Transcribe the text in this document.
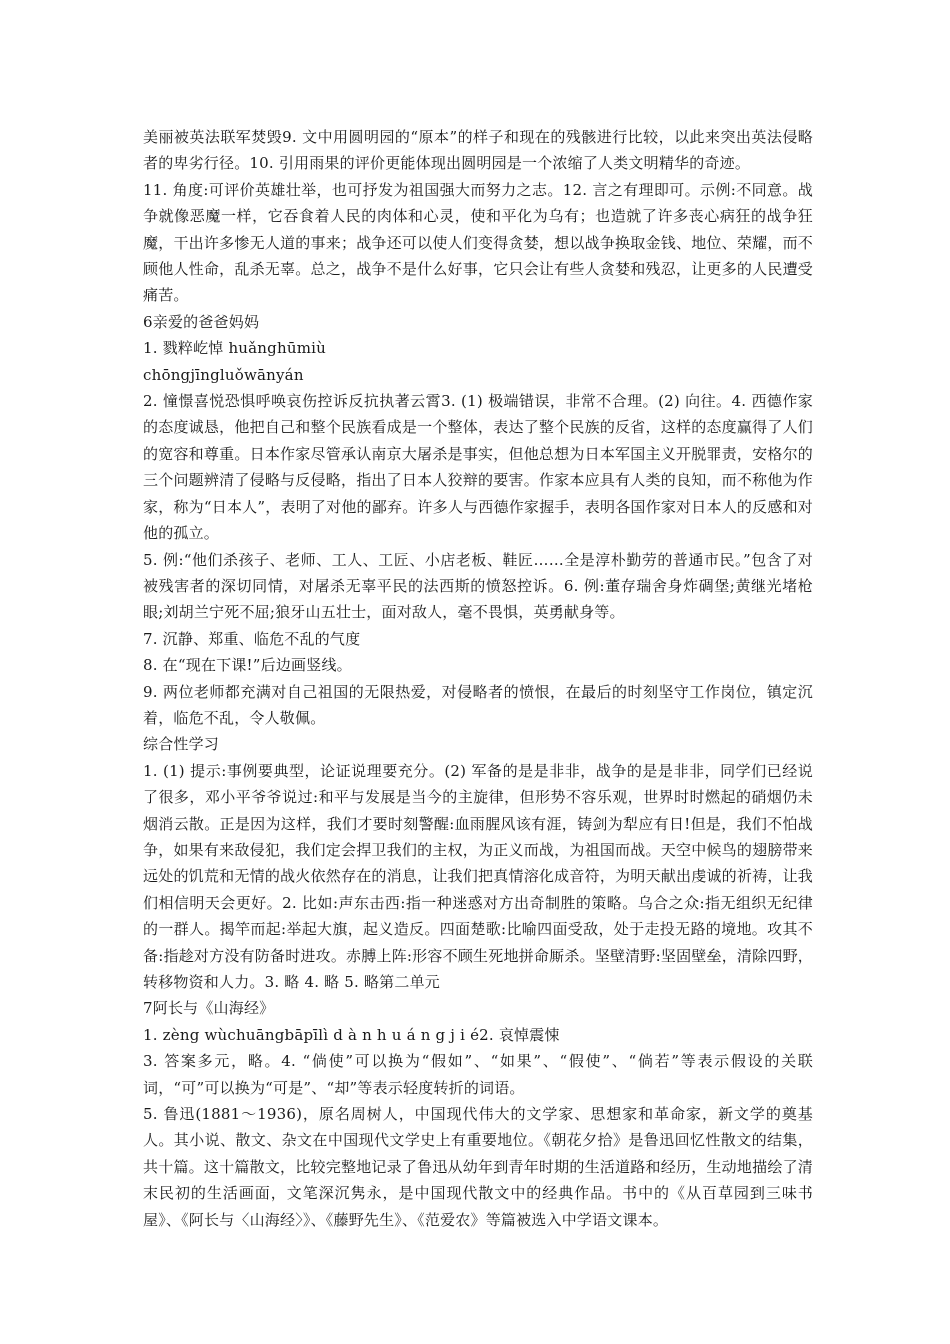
美丽被英法联军焚毁9. 文中用圆明园的“原本”的样子和现在的残骸进行比较，以此来突出英法侵略者的卑劣行径。10. 引用雨果的评价更能体现出圆明园是一个浓缩了人类文明精华的奇迹。

11. 角度:可评价英雄壮举，也可抒发为祖国强大而努力之志。12. 言之有理即可。示例:不同意。战争就像恶魔一样，它吞食着人民的肉体和心灵，使和平化为乌有；也造就了许多丧心病狂的战争狂魔，干出许多惨无人道的事来；战争还可以使人们变得贪婪，想以战争换取金钱、地位、荣耀，而不顾他人性命，乱杀无辜。总之，战争不是什么好事，它只会让有些人贪婪和残忍，让更多的人民遭受痛苦。

6亲爱的爸爸妈妈

1. 戮粹屹悼 huǎnghūmiù

chōngjīngluǒwānyán

2. 憧憬喜悦恐惧呼唤哀伤控诉反抗执著云霄3. (1) 极端错误，非常不合理。(2) 向往。4. 西德作家的态度诚恳，他把自己和整个民族看成是一个整体，表达了整个民族的反省，这样的态度赢得了人们的宽容和尊重。日本作家尽管承认南京大屠杀是事实，但他总想为日本军国主义开脱罪责，安格尔的三个问题辨清了侵略与反侵略，指出了日本人狡辩的要害。作家本应具有人类的良知，而不称他为作家，称为“日本人”，表明了对他的鄙弃。许多人与西德作家握手，表明各国作家对日本人的反感和对他的孤立。

5. 例:“他们杀孩子、老师、工人、工匠、小店老板、鞋匠……全是淳朴勤劳的普通市民。”包含了对被残害者的深切同情，对屠杀无辜平民的法西斯的愤怒控诉。6. 例:董存瑞舍身炸碉堡;黄继光堵枪眼;刘胡兰宁死不屈;狼牙山五壮士，面对敌人，毫不畏惧，英勇献身等。

7. 沉静、郑重、临危不乱的气度

8. 在“现在下课!”后边画竖线。

9. 两位老师都充满对自己祖国的无限热爱，对侵略者的愤恨，在最后的时刻坚守工作岗位，镇定沉着，临危不乱，令人敬佩。

综合性学习

1. (1) 提示:事例要典型，论证说理要充分。(2) 军备的是是非非，战争的是是非非，同学们已经说了很多，邓小平爷爷说过:和平与发展是当今的主旋律，但形势不容乐观，世界时时燃起的硝烟仍未烟消云散。正是因为这样，我们才要时刻警醒:血雨腥风该有涯，铸剑为犁应有日!但是，我们不怕战争，如果有来敌侵犯，我们定会捍卫我们的主权，为正义而战，为祖国而战。天空中候鸟的翅膀带来远处的饥荒和无情的战火依然存在的消息，让我们把真情溶化成音符，为明天献出虔诚的祈祷，让我们相信明天会更好。2. 比如:声东击西:指一种迷惑对方出奇制胜的策略。乌合之众:指无组织无纪律的一群人。揭竿而起:举起大旗，起义造反。四面楚歌:比喻四面受敌，处于走投无路的境地。攻其不备:指趁对方没有防备时进攻。赤膊上阵:形容不顾生死地拼命厮杀。坚壁清野:坚固壁垒，清除四野，转移物资和人力。3. 略 4. 略 5. 略第二单元

7阿长与《山海经》

1. zèng wùchuāngbāpīlì d à n h u á n g j i é2. 哀悼震悚

3. 答案多元，略。4. “倘使”可以换为“假如”、“如果”、“假使”、“倘若”等表示假设的关联词，“可”可以换为“可是”、“却”等表示轻度转折的词语。

5. 鲁迅(1881～1936)，原名周树人，中国现代伟大的文学家、思想家和革命家，新文学的奠基人。其小说、散文、杂文在中国现代文学史上有重要地位。《朝花夕拾》是鲁迅回忆性散文的结集，共十篇。这十篇散文，比较完整地记录了鲁迅从幼年到青年时期的生活道路和经历，生动地描绘了清末民初的生活画面，文笔深沉隽永，是中国现代散文中的经典作品。书中的《从百草园到三味书屋》、《阿长与〈山海经〉》、《藤野先生》、《范爱农》等篇被选入中学语文课本。
